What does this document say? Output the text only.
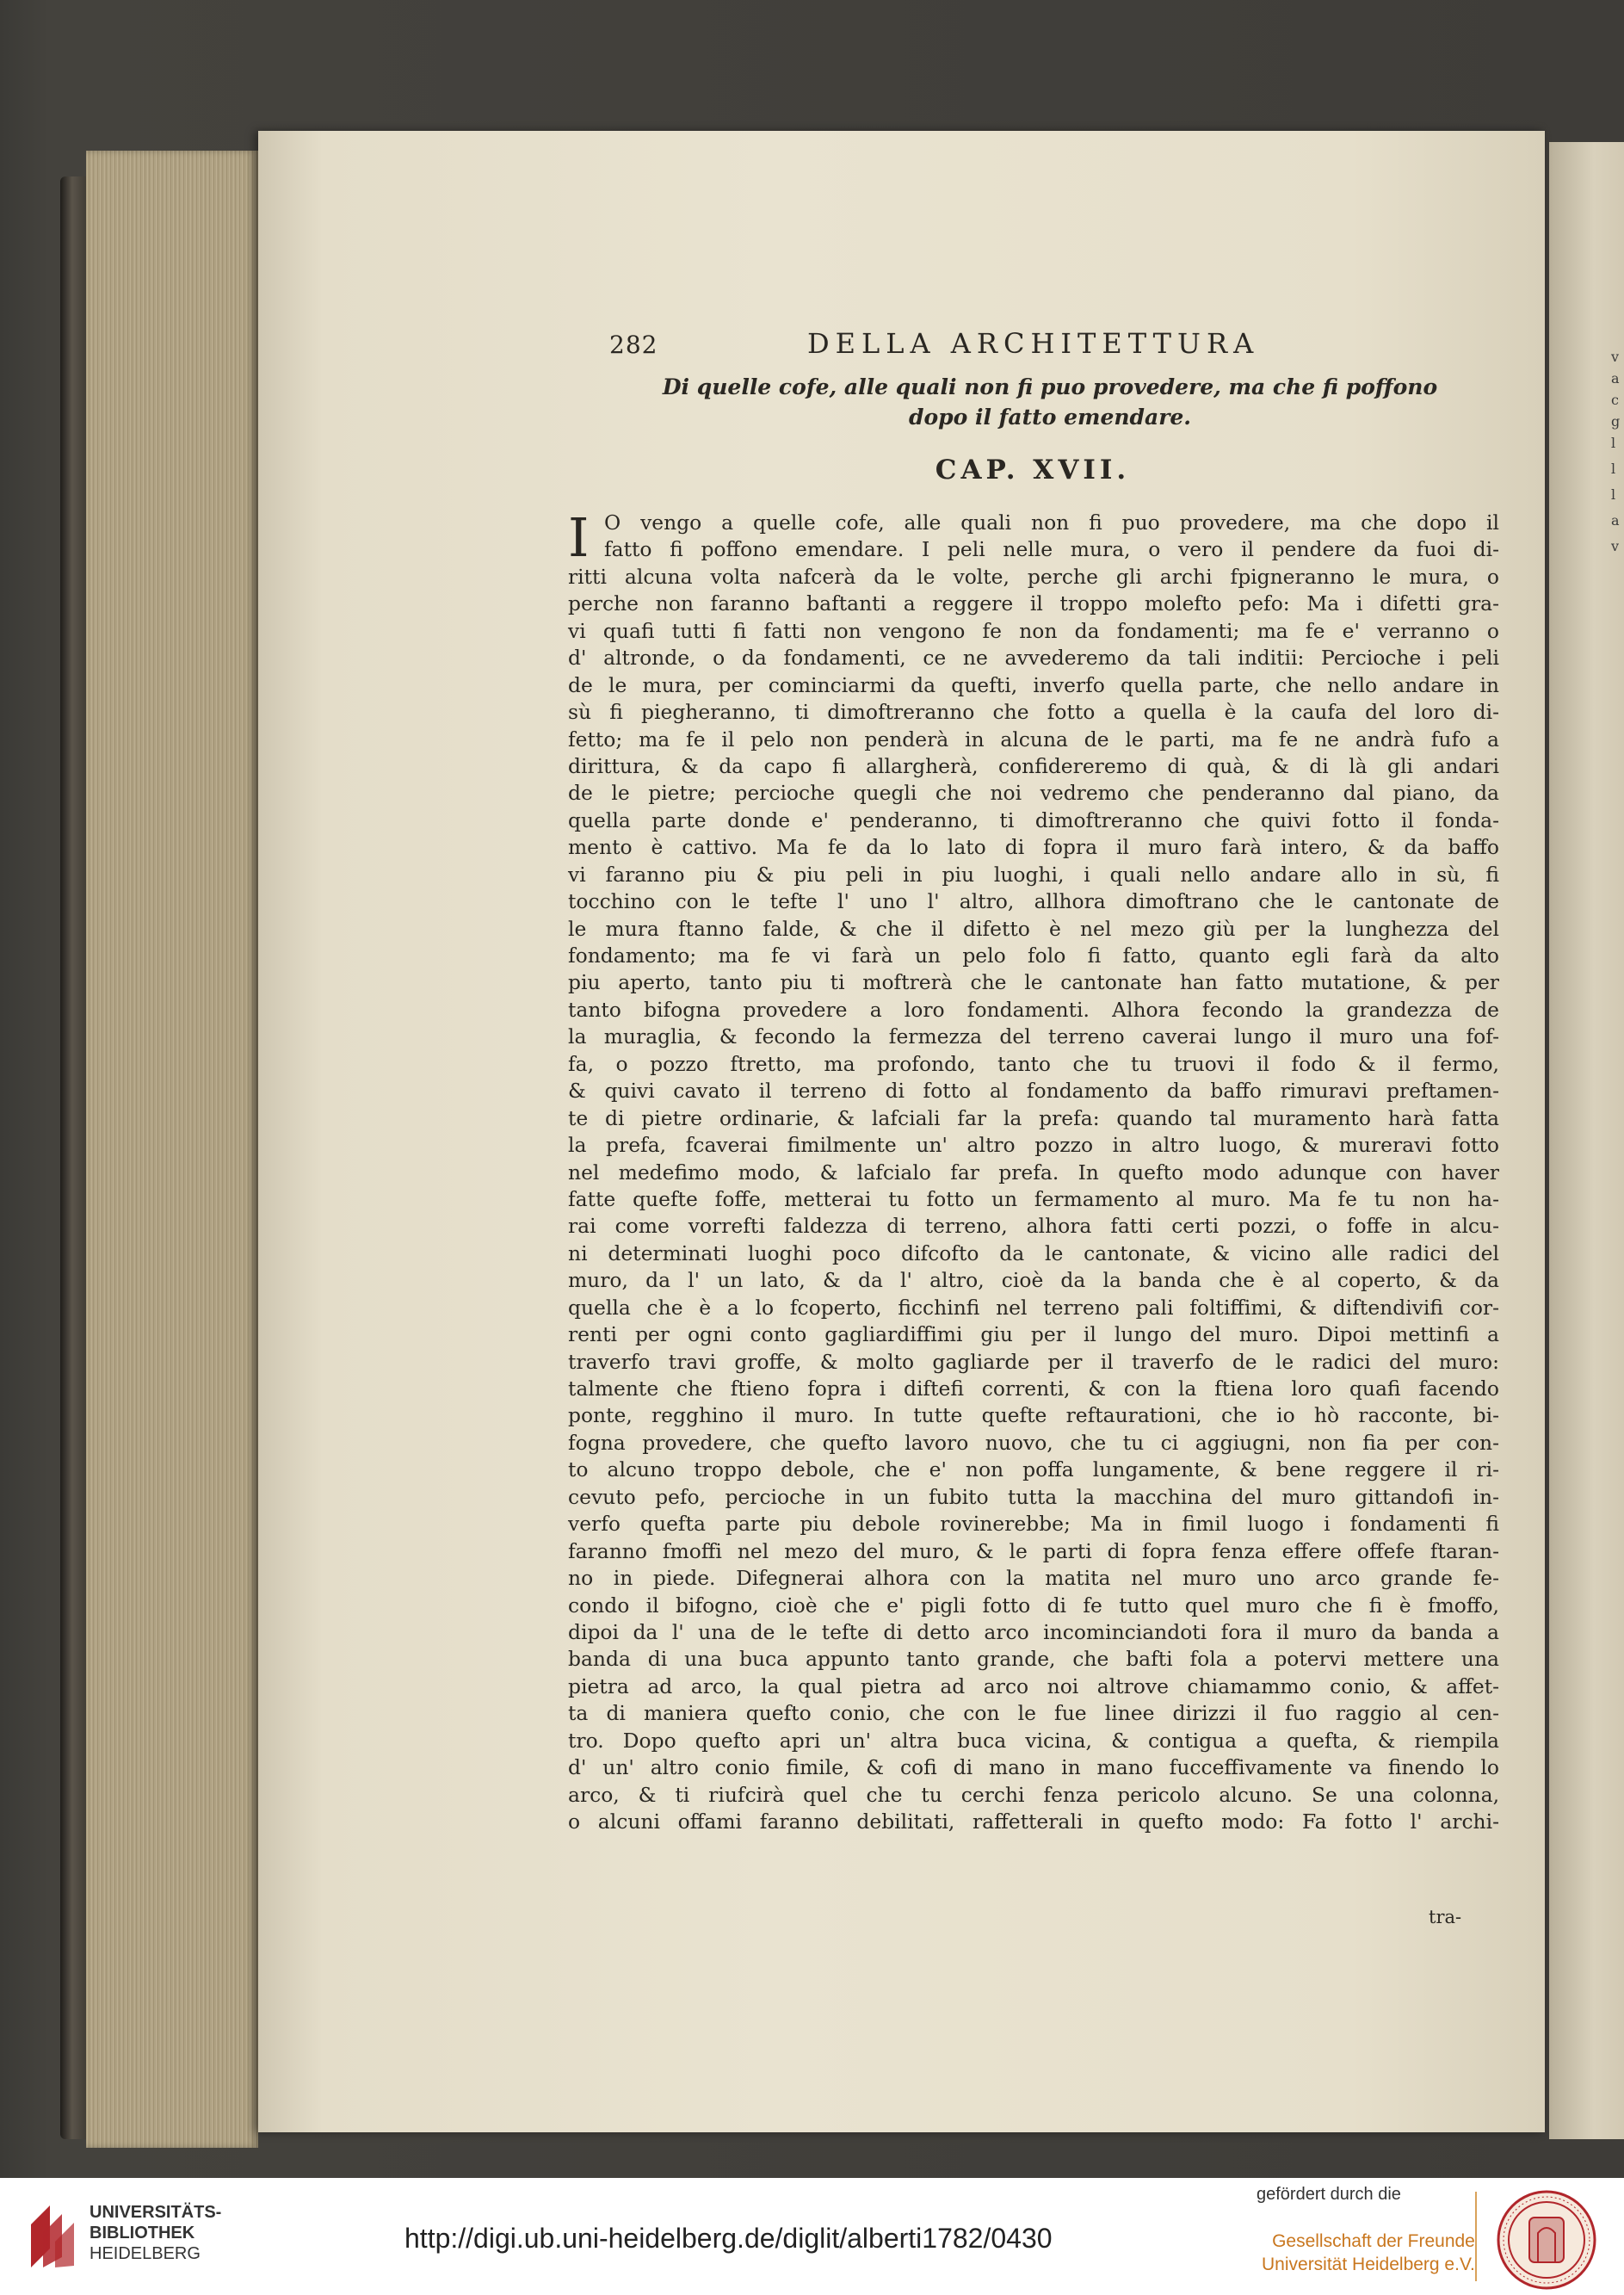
v
a
c
g
l
l
l
a
v
282	DELLA ARCHITETTURA
Di quelle cofe, alle quali non fi puo provedere, ma che fi poffono
dopo il fatto emendare.
CAP. XVII.
I O vengo a quelle cofe, alle quali non fi puo provedere, ma che dopo il
fatto fi poffono emendare. I peli nelle mura, o vero il pendere da fuoi di-
ritti alcuna volta nafcerà da le volte, perche gli archi fpigneranno le mura, o
perche non faranno baftanti a reggere il troppo molefto pefo: Ma i difetti gra-
vi quafi tutti fi fatti non vengono fe non da fondamenti; ma fe e' verranno o
d' altronde, o da fondamenti, ce ne avvederemo da tali inditii: Percioche i peli
de le mura, per cominciarmi da quefti, inverfo quella parte, che nello andare in
sù fi piegheranno, ti dimoftreranno che fotto a quella è la caufa del loro di-
fetto; ma fe il pelo non penderà in alcuna de le parti, ma fe ne andrà fufo a
dirittura, & da capo fi allargherà, confidereremo di quà, & di là gli andari
de le pietre; percioche quegli che noi vedremo che penderanno dal piano, da
quella parte donde e' penderanno, ti dimoftreranno che quivi fotto il fonda-
mento è cattivo. Ma fe da lo lato di fopra il muro farà intero, & da baffo
vi faranno piu & piu peli in piu luoghi, i quali nello andare allo in sù, fi
tocchino con le tefte l' uno l' altro, allhora dimoftrano che le cantonate de
le mura ftanno falde, & che il difetto è nel mezo giù per la lunghezza del
fondamento; ma fe vi farà un pelo folo fi fatto, quanto egli farà da alto
piu aperto, tanto piu ti moftrerà che le cantonate han fatto mutatione, & per
tanto bifogna provedere a loro fondamenti. Alhora fecondo la grandezza de
la muraglia, & fecondo la fermezza del terreno caverai lungo il muro una fof-
fa, o pozzo ftretto, ma profondo, tanto che tu truovi il fodo & il fermo,
& quivi cavato il terreno di fotto al fondamento da baffo rimuravi preftamen-
te di pietre ordinarie, & lafciali far la prefa: quando tal muramento harà fatta
la prefa, fcaverai fimilmente un' altro pozzo in altro luogo, & mureravi fotto
nel medefimo modo, & lafcialo far prefa. In quefto modo adunque con haver
fatte quefte foffe, metterai tu fotto un fermamento al muro. Ma fe tu non ha-
rai come vorrefti faldezza di terreno, alhora fatti certi pozzi, o foffe in alcu-
ni determinati luoghi poco difcofto da le cantonate, & vicino alle radici del
muro, da l' un lato, & da l' altro, cioè da la banda che è al coperto, & da
quella che è a lo fcoperto, ficchinfi nel terreno pali foltiffimi, & diftendivifi cor-
renti per ogni conto gagliardiffimi giu per il lungo del muro. Dipoi mettinfi a
traverfo travi groffe, & molto gagliarde per il traverfo de le radici del muro:
talmente che ftieno fopra i diftefi correnti, & con la ftiena loro quafi facendo
ponte, regghino il muro. In tutte quefte reftaurationi, che io hò racconte, bi-
fogna provedere, che quefto lavoro nuovo, che tu ci aggiugni, non fia per con-
to alcuno troppo debole, che e' non poffa lungamente, & bene reggere il ri-
cevuto pefo, percioche in un fubito tutta la macchina del muro gittandofi in-
verfo quefta parte piu debole rovinerebbe; Ma in fimil luogo i fondamenti fi
faranno fmoffi nel mezo del muro, & le parti di fopra fenza effere offefe ftaran-
no in piede. Difegnerai alhora con la matita nel muro uno arco grande fe-
condo il bifogno, cioè che e' pigli fotto di fe tutto quel muro che fi è fmoffo,
dipoi da l' una de le tefte di detto arco incominciandoti fora il muro da banda a
banda di una buca appunto tanto grande, che bafti fola a potervi mettere una
pietra ad arco, la qual pietra ad arco noi altrove chiamammo conio, & affet-
ta di maniera quefto conio, che con le fue linee dirizzi il fuo raggio al cen-
tro. Dopo quefto apri un' altra buca vicina, & contigua a quefta, & riempila
d' un' altro conio fimile, & cofi di mano in mano fucceffivamente va finendo lo
arco, & ti riufcirà quel che tu cerchi fenza pericolo alcuno. Se una colonna,
o alcuni offami faranno debilitati, raffetterali in quefto modo: Fa fotto l' archi-
tra-

UNIVERSITÄTS-
BIBLIOTHEK
HEIDELBERG	http://digi.ub.uni-heidelberg.de/diglit/alberti1782/0430
gefördert durch die

Gesellschaft der Freunde
Universität Heidelberg e.V.
